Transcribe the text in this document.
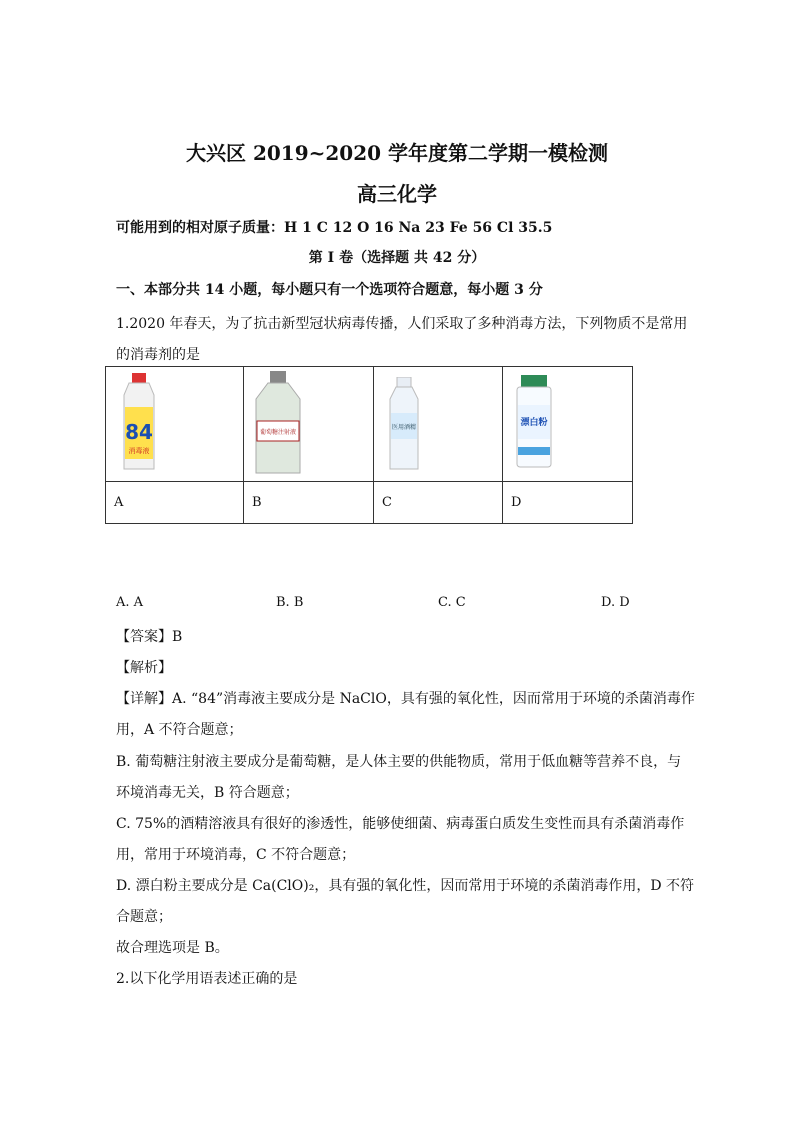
大兴区 2019~2020 学年度第二学期一模检测
高三化学
可能用到的相对原子质量：H 1 C 12 O 16 Na 23 Fe 56 Cl 35.5
第 Ⅰ 卷（选择题 共 42 分）
一、本部分共 14 小题，每小题只有一个选项符合题意，每小题 3 分
1.2020 年春天，为了抗击新型冠状病毒传播，人们采取了多种消毒方法，下列物质不是常用
的消毒剂的是
84
消毒液	葡萄糖注射液	医用酒精	漂白粉

A	B	C	D
A. A	B. B	C. C	D. D
【答案】B
【解析】
【详解】A. “84”消毒液主要成分是 NaClO，具有强的氧化性，因而常用于环境的杀菌消毒作
用，A 不符合题意；
B. 葡萄糖注射液主要成分是葡萄糖，是人体主要的供能物质，常用于低血糖等营养不良，与
环境消毒无关，B 符合题意；
C. 75%的酒精溶液具有很好的渗透性，能够使细菌、病毒蛋白质发生变性而具有杀菌消毒作
用，常用于环境消毒，C 不符合题意；
D. 漂白粉主要成分是 Ca(ClO)₂，具有强的氧化性，因而常用于环境的杀菌消毒作用，D 不符
合题意；
故合理选项是 B。
2.以下化学用语表述正确的是
